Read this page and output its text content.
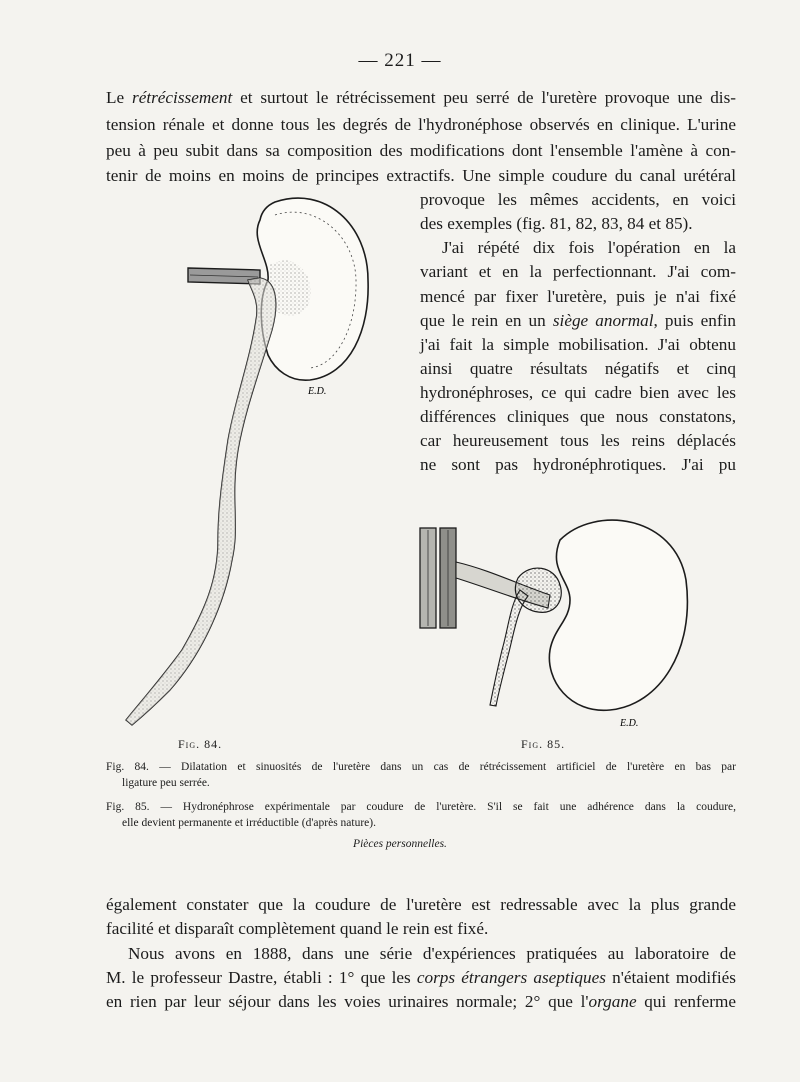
— 221 —
Le rétrécissement et surtout le rétrécissement peu serré de l'uretère provoque une dis-
tension rénale et donne tous les degrés de l'hydronéphose observés en clinique. L'urine
peu à peu subit dans sa composition des modifications dont l'ensemble l'amène à con-
tenir de moins en moins de principes extractifs. Une simple coudure du canal urétéral
provoque les mêmes accidents, en voici
des exemples (fig. 81, 82, 83, 84 et 85).
J'ai répété dix fois l'opération en la
variant et en la perfectionnant. J'ai com-
mencé par fixer l'uretère, puis je n'ai fixé
que le rein en un siège anormal, puis enfin
j'ai fait la simple mobilisation. J'ai obtenu
ainsi quatre résultats négatifs et cinq
hydronéphroses, ce qui cadre bien avec les
différences cliniques que nous constatons,
car heureusement tous les reins déplacés
ne sont pas hydronéphrotiques. J'ai pu
E.D.
E.D.
Fig. 84.	Fig. 85.
Fig. 84. — Dilatation et sinuosités de l'uretère dans un cas de rétrécissement artificiel de l'uretère en bas par
ligature peu serrée.
Fig. 85. — Hydronéphrose expérimentale par coudure de l'uretère. S'il se fait une adhérence dans la coudure,
elle devient permanente et irréductible (d'après nature).
Pièces personnelles.
également constater que la coudure de l'uretère est redressable avec la plus grande
facilité et disparaît complètement quand le rein est fixé.
Nous avons en 1888, dans une série d'expériences pratiquées au laboratoire de
M. le professeur Dastre, établi : 1° que les corps étrangers aseptiques n'étaient modifiés
en rien par leur séjour dans les voies urinaires normale; 2° que l'organe qui renferme
